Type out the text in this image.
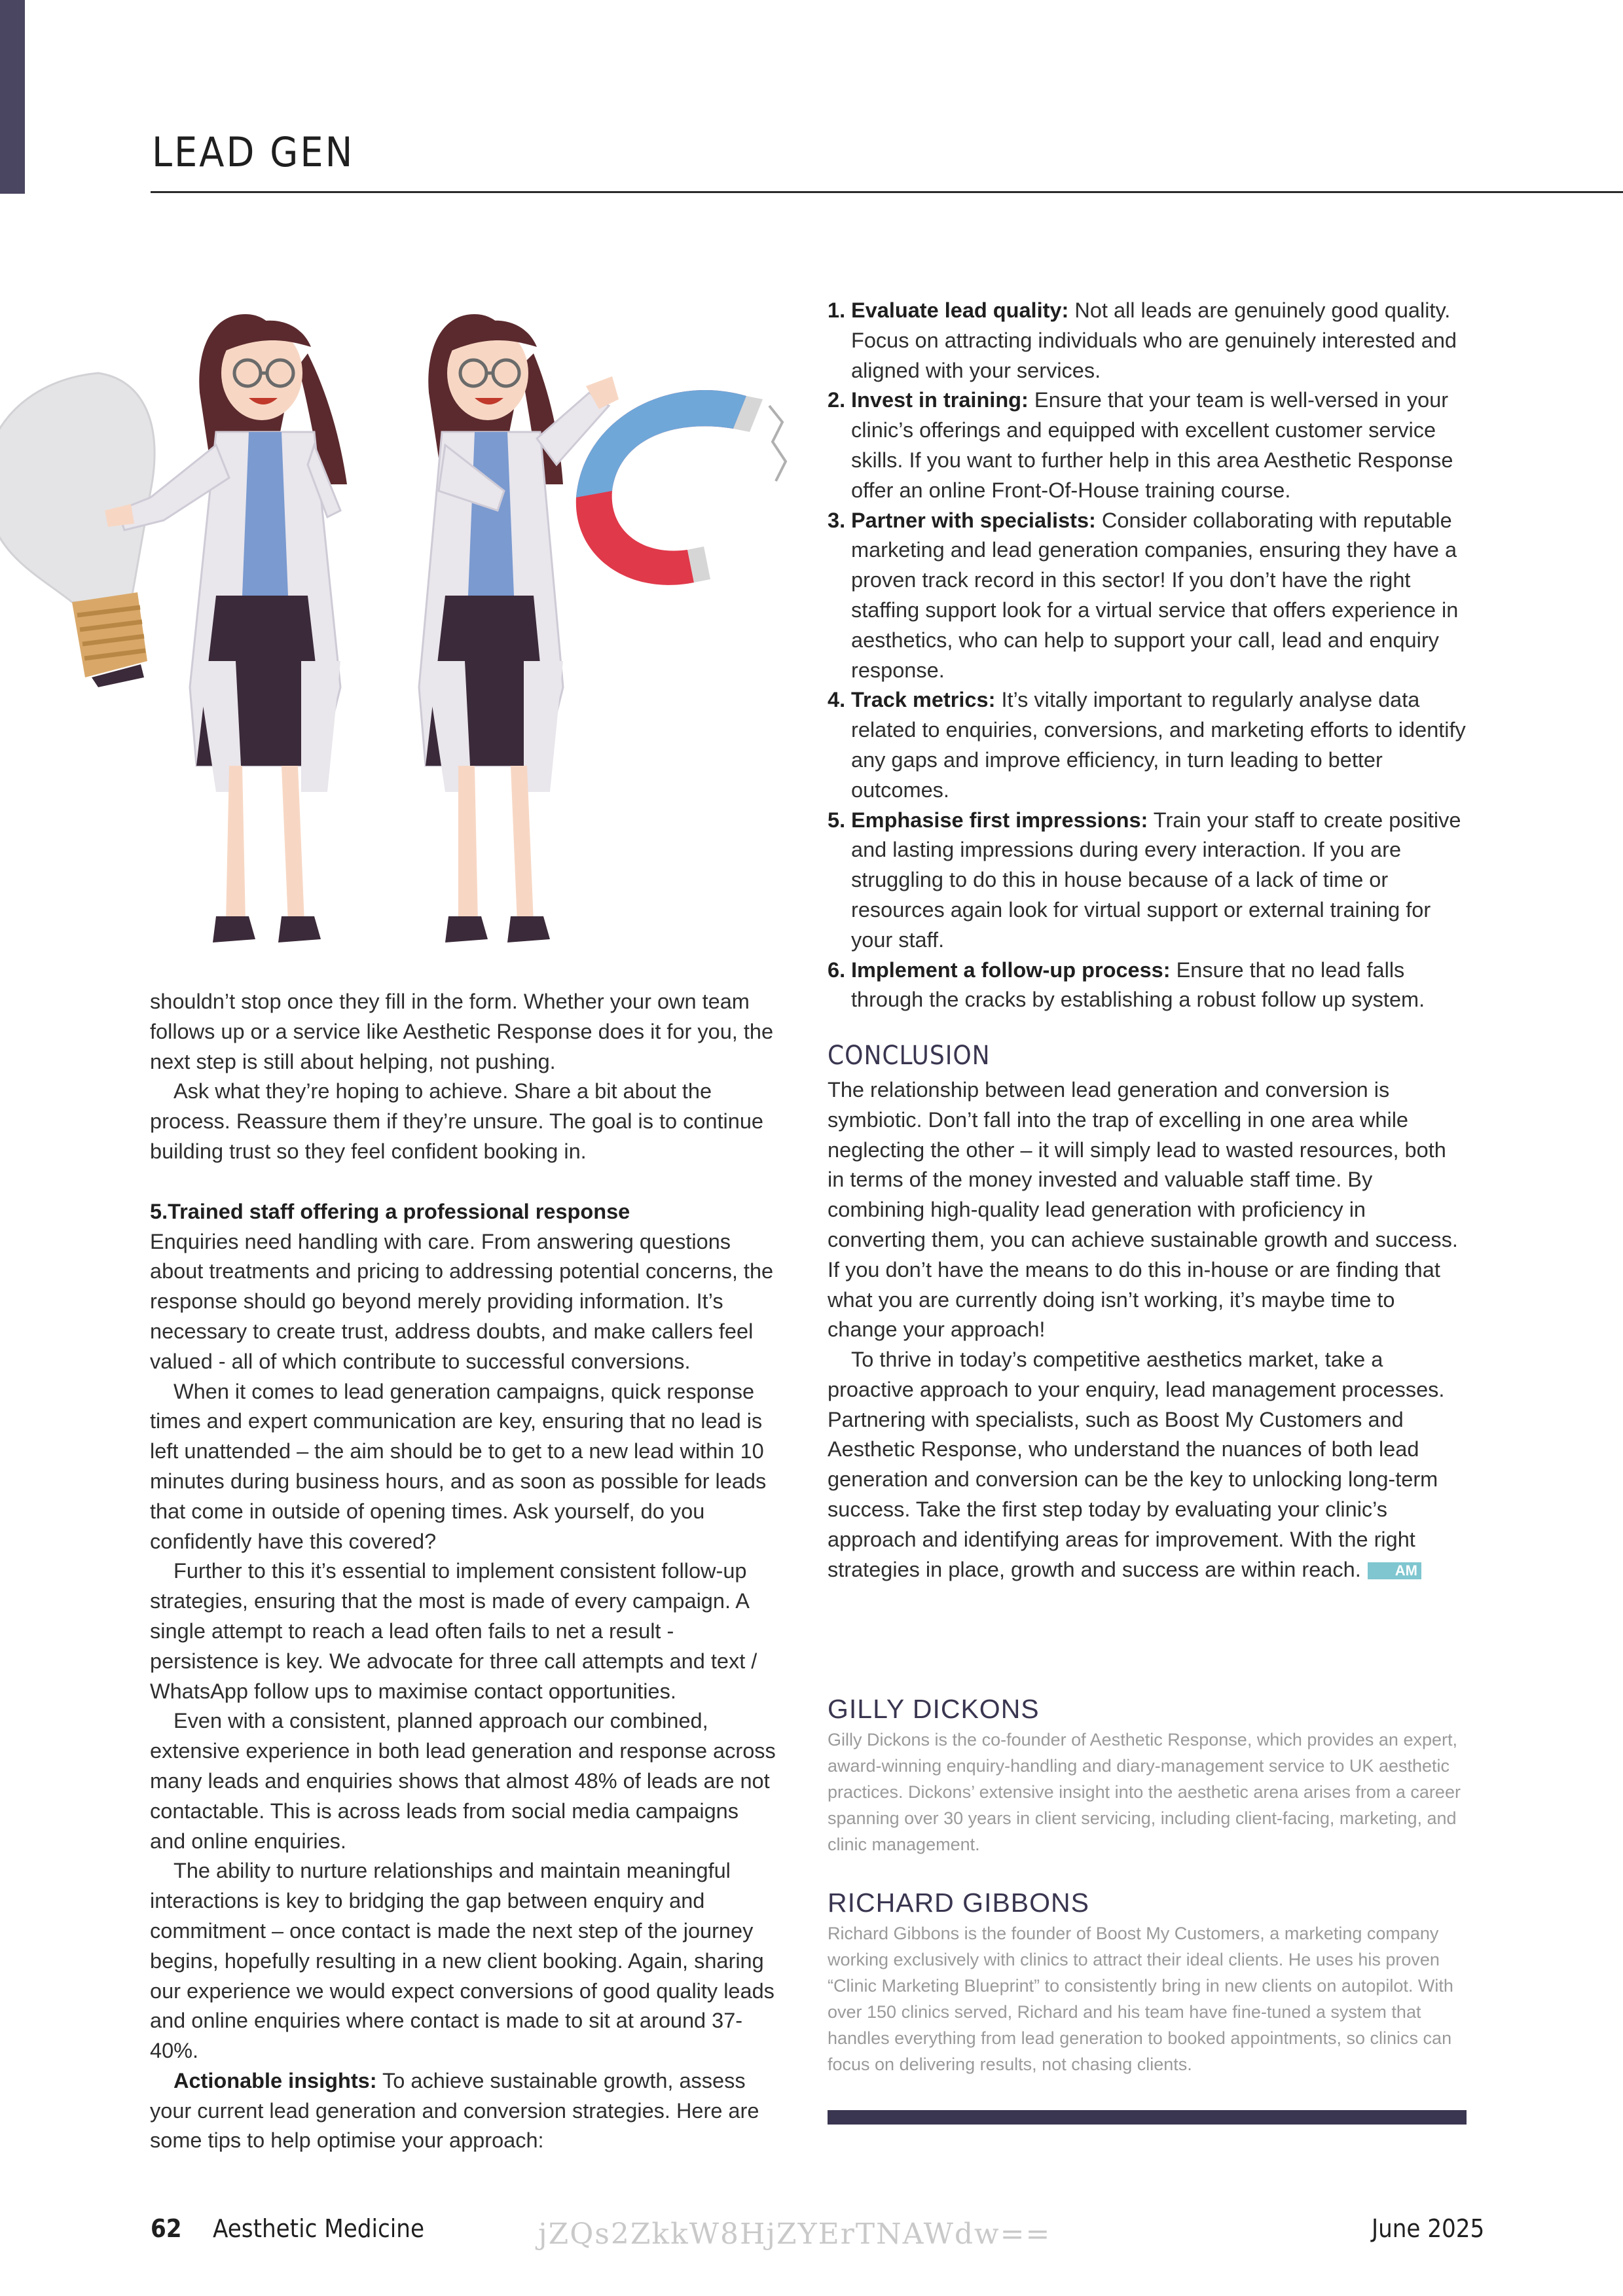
LEAD GEN

shouldn’t stop once they fill in the form. Whether your own team follows up or a service like Aesthetic Response does it for you, the next step is still about helping, not pushing.

Ask what they’re hoping to achieve. Share a bit about the process. Reassure them if they’re unsure. The goal is to continue building trust so they feel confident booking in.

5.Trained staff offering a professional response

Enquiries need handling with care. From answering questions about treatments and pricing to addressing potential concerns, the response should go beyond merely providing information. It’s necessary to create trust, address doubts, and make callers feel valued - all of which contribute to successful conversions.

When it comes to lead generation campaigns, quick response times and expert communication are key, ensuring that no lead is left unattended – the aim should be to get to a new lead within 10 minutes during business hours, and as soon as possible for leads that come in outside of opening times. Ask yourself, do you confidently have this covered?

Further to this it’s essential to implement consistent follow-up strategies, ensuring that the most is made of every campaign. A single attempt to reach a lead often fails to net a result - persistence is key. We advocate for three call attempts and text / WhatsApp follow ups to maximise contact opportunities.

Even with a consistent, planned approach our combined, extensive experience in both lead generation and response across many leads and enquiries shows that almost 48% of leads are not contactable. This is across leads from social media campaigns and online enquiries.

The ability to nurture relationships and maintain meaningful interactions is key to bridging the gap between enquiry and commitment – once contact is made the next step of the journey begins, hopefully resulting in a new client booking. Again, sharing our experience we would expect conversions of good quality leads and online enquiries where contact is made to sit at around 37- 40%.

Actionable insights: To achieve sustainable growth, assess your current lead generation and conversion strategies. Here are some tips to help optimise your approach:

1. Evaluate lead quality: Not all leads are genuinely good quality. Focus on attracting individuals who are genuinely interested and aligned with your services.
2. Invest in training: Ensure that your team is well-versed in your clinic’s offerings and equipped with excellent customer service skills. If you want to further help in this area Aesthetic Response offer an online Front-Of-House training course.
3. Partner with specialists: Consider collaborating with reputable marketing and lead generation companies, ensuring they have a proven track record in this sector! If you don’t have the right staffing support look for a virtual service that offers experience in aesthetics, who can help to support your call, lead and enquiry response.
4. Track metrics: It’s vitally important to regularly analyse data related to enquiries, conversions, and marketing efforts to identify any gaps and improve efficiency, in turn leading to better outcomes.
5. Emphasise first impressions: Train your staff to create positive and lasting impressions during every interaction. If you are struggling to do this in house because of a lack of time or resources again look for virtual support or external training for your staff.
6. Implement a follow-up process: Ensure that no lead falls through the cracks by establishing a robust follow up system.
CONCLUSION

The relationship between lead generation and conversion is symbiotic. Don’t fall into the trap of excelling in one area while neglecting the other – it will simply lead to wasted resources, both in terms of the money invested and valuable staff time. By combining high-quality lead generation with proficiency in converting them, you can achieve sustainable growth and success. If you don’t have the means to do this in-house or are finding that what you are currently doing isn’t working, it’s maybe time to change your approach!

To thrive in today’s competitive aesthetics market, take a proactive approach to your enquiry, lead management processes. Partnering with specialists, such as Boost My Customers and Aesthetic Response, who understand the nuances of both lead generation and conversion can be the key to unlocking long-term success. Take the first step today by evaluating your clinic’s approach and identifying areas for improvement. With the right strategies in place, growth and success are within reach. AM

GILLY DICKONS
Gilly Dickons is the co-founder of Aesthetic Response, which provides an expert, award-winning enquiry-handling and diary-management service to UK aesthetic practices. Dickons’ extensive insight into the aesthetic arena arises from a career spanning over 30 years in client servicing, including client-facing, marketing, and clinic management.
RICHARD GIBBONS
Richard Gibbons is the founder of Boost My Customers, a marketing company working exclusively with clinics to attract their ideal clients. He uses his proven “Clinic Marketing Blueprint” to consistently bring in new clients on autopilot. With over 150 clinics served, Richard and his team have fine-tuned a system that handles everything from lead generation to booked appointments, so clinics can focus on delivering results, not chasing clients.
62 Aesthetic Medicine	jZQs2ZkkW8HjZYErTNAWdw==	June 2025
